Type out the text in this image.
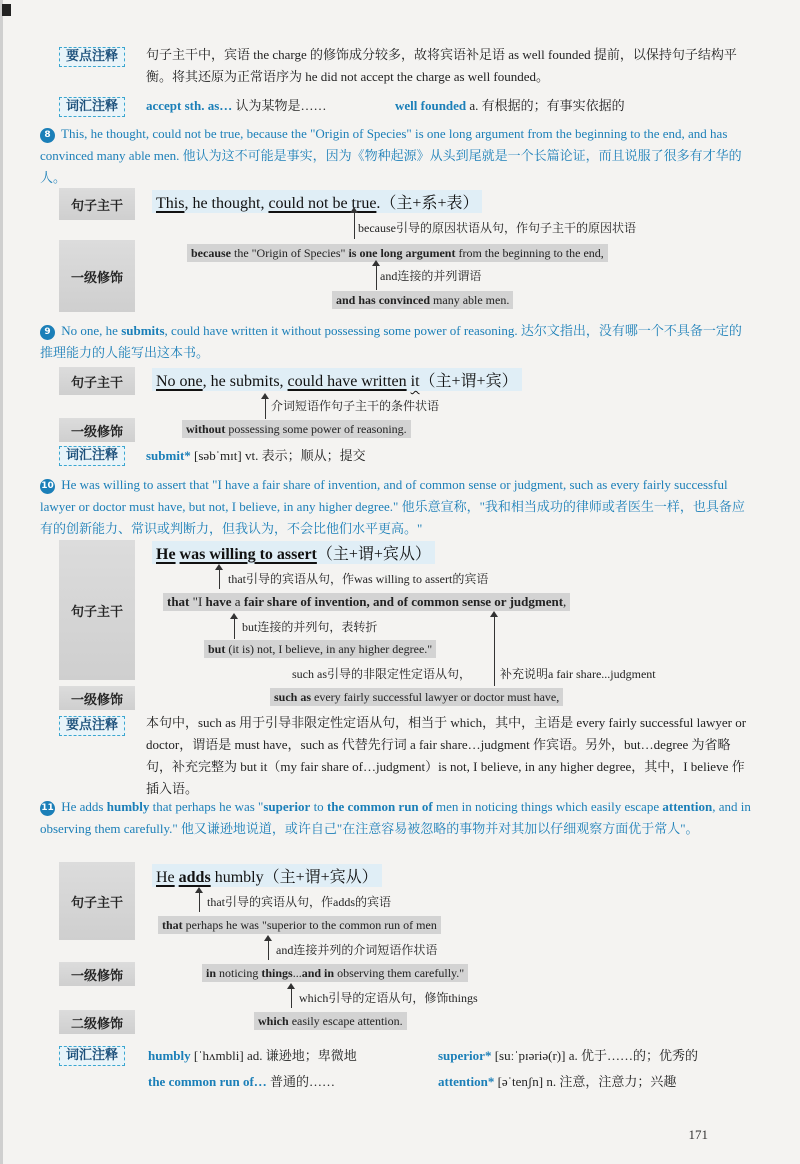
要点注释	句子主干中，宾语 the charge 的修饰成分较多，故将宾语补足语 as well founded 提前，以保持句子结构平衡。将其还原为正常语序为 he did not accept the charge as well founded。
词汇注释	accept sth. as… 认为某物是……	well founded a. 有根据的；有事实依据的
8 This, he thought, could not be true, because the "Origin of Species" is one long argument from the beginning to the end, and has convinced many able men. 他认为这不可能是事实，因为《物种起源》从头到尾就是一个长篇论证，而且说服了很多有才华的人。
句子主干	This, he thought, could not be true.（主+系+表）
because引导的原因状语从句，作句子主干的原因状语
一级修饰
because the "Origin of Species" is one long argument from the beginning to the end,
and连接的并列谓语
and has convinced many able men.
9 No one, he submits, could have written it without possessing some power of reasoning. 达尔文指出，没有哪一个不具备一定的推理能力的人能写出这本书。
句子主干	No one, he submits, could have written it（主+谓+宾）
介词短语作句子主干的条件状语
一级修饰	without possessing some power of reasoning.
词汇注释	submit* [səbˈmɪt] vt. 表示；顺从；提交
10 He was willing to assert that "I have a fair share of invention, and of common sense or judgment, such as every fairly successful lawyer or doctor must have, but not, I believe, in any higher degree." 他乐意宣称，"我和相当成功的律师或者医生一样，也具备应有的创新能力、常识或判断力，但我认为，不会比他们水平更高。"
句子主干
He was willing to assert（主+谓+宾从）
that引导的宾语从句，作was willing to assert的宾语
that "I have a fair share of invention, and of common sense or judgment,
but连接的并列句，表转折
but (it is) not, I believe, in any higher degree."
such as引导的非限定性定语从句， 补充说明a fair share...judgment
一级修饰	such as every fairly successful lawyer or doctor must have,
要点注释	本句中，such as 用于引导非限定性定语从句，相当于 which，其中，主语是 every fairly successful lawyer or doctor，谓语是 must have，such as 代替先行词 a fair share…judgment 作宾语。另外，but…degree 为省略句，补充完整为 but it（my fair share of…judgment）is not, I believe, in any higher degree，其中，I believe 作插入语。
11 He adds humbly that perhaps he was "superior to the common run of men in noticing things which easily escape attention, and in observing them carefully." 他又谦逊地说道，或许自己"在注意容易被忽略的事物并对其加以仔细观察方面优于常人"。
句子主干
He adds humbly（主+谓+宾从）
that引导的宾语从句，作adds的宾语
that perhaps he was "superior to the common run of men
and连接并列的介词短语作状语
一级修饰	in noticing things...and in observing them carefully."
which引导的定语从句，修饰things
二级修饰	which easily escape attention.
词汇注释	humbly [ˈhʌmbli] ad. 谦逊地；卑微地	superior* [suːˈpɪəriə(r)] a. 优于……的；优秀的
the common run of… 普通的……	attention* [əˈtenʃn] n. 注意，注意力；兴趣
171
